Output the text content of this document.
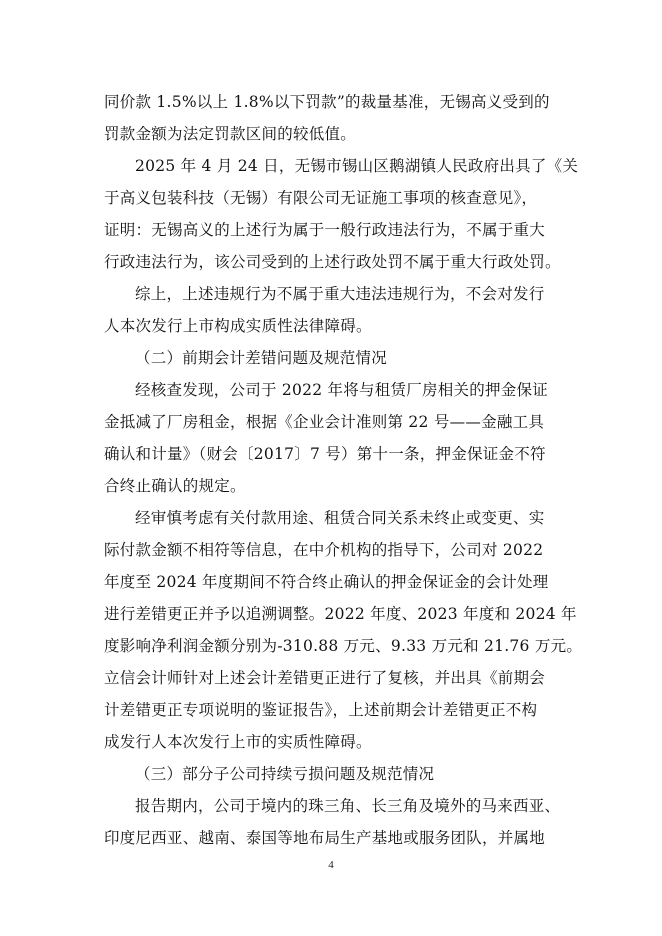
同价款 1.5%以上 1.8%以下罚款”的裁量基准，无锡高义受到的
罚款金额为法定罚款区间的较低值。
2025 年 4 月 24 日，无锡市锡山区鹅湖镇人民政府出具了《关
于高义包装科技（无锡）有限公司无证施工事项的核查意见》，
证明：无锡高义的上述行为属于一般行政违法行为，不属于重大
行政违法行为，该公司受到的上述行政处罚不属于重大行政处罚。
综上，上述违规行为不属于重大违法违规行为，不会对发行
人本次发行上市构成实质性法律障碍。
（二）前期会计差错问题及规范情况
经核查发现，公司于 2022 年将与租赁厂房相关的押金保证
金抵减了厂房租金，根据《企业会计准则第 22 号——金融工具
确认和计量》（财会〔2017〕7 号）第十一条，押金保证金不符
合终止确认的规定。
经审慎考虑有关付款用途、租赁合同关系未终止或变更、实
际付款金额不相符等信息，在中介机构的指导下，公司对 2022
年度至 2024 年度期间不符合终止确认的押金保证金的会计处理
进行差错更正并予以追溯调整。2022 年度、2023 年度和 2024 年
度影响净利润金额分别为-310.88 万元、9.33 万元和 21.76 万元。
立信会计师针对上述会计差错更正进行了复核，并出具《前期会
计差错更正专项说明的鉴证报告》，上述前期会计差错更正不构
成发行人本次发行上市的实质性障碍。
（三）部分子公司持续亏损问题及规范情况
报告期内，公司于境内的珠三角、长三角及境外的马来西亚、
印度尼西亚、越南、泰国等地布局生产基地或服务团队，并属地
4
